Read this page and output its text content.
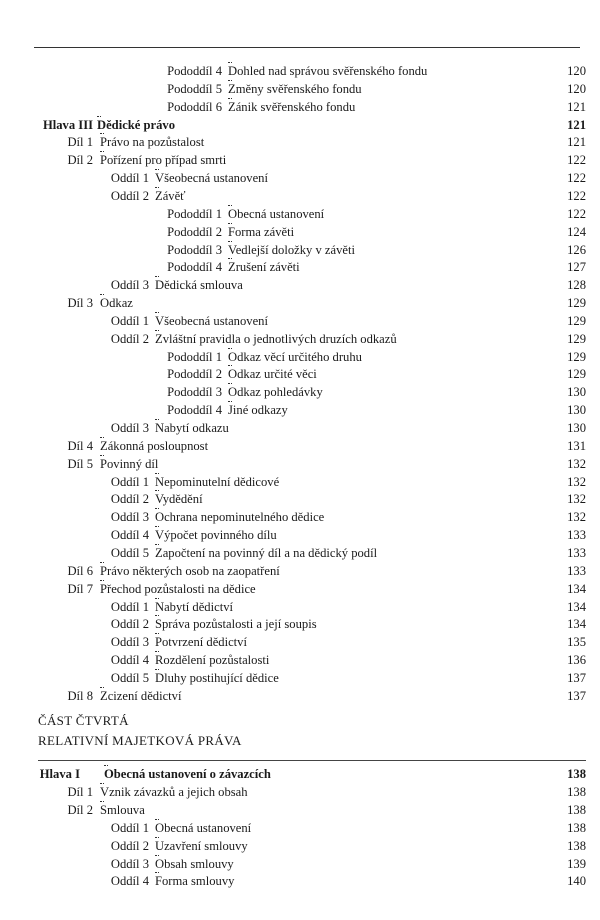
Pododdíl 4 Dohled nad správou svěřenského fondu	120
Pododdíl 5 Změny svěřenského fondu	120
Pododdíl 6 Zánik svěřenského fondu	121
Hlava III Dědické právo	121
Díl 1 Právo na pozůstalost	121
Díl 2 Pořízení pro případ smrti	122
Oddíl 1 Všeobecná ustanovení	122
Oddíl 2 Závěť	122
Pododdíl 1 Obecná ustanovení	122
Pododdíl 2 Forma závěti	124
Pododdíl 3 Vedlejší doložky v závěti	126
Pododdíl 4 Zrušení závěti	127
Oddíl 3 Dědická smlouva	128
Díl 3 Odkaz	129
Oddíl 1 Všeobecná ustanovení	129
Oddíl 2 Zvláštní pravidla o jednotlivých druzích odkazů	129
Pododdíl 1 Odkaz věcí určitého druhu	129
Pododdíl 2 Odkaz určité věci	129
Pododdíl 3 Odkaz pohledávky	130
Pododdíl 4 Jiné odkazy	130
Oddíl 3 Nabytí odkazu	130
Díl 4 Zákonná posloupnost	131
Díl 5 Povinný díl	132
Oddíl 1 Nepominutelní dědicové	132
Oddíl 2 Vydědění	132
Oddíl 3 Ochrana nepominutelného dědice	132
Oddíl 4 Výpočet povinného dílu	133
Oddíl 5 Započtení na povinný díl a na dědický podíl	133
Díl 6 Právo některých osob na zaopatření	133
Díl 7 Přechod pozůstalosti na dědice	134
Oddíl 1 Nabytí dědictví	134
Oddíl 2 Správa pozůstalosti a její soupis	134
Oddíl 3 Potvrzení dědictví	135
Oddíl 4 Rozdělení pozůstalosti	136
Oddíl 5 Dluhy postihující dědice	137
Díl 8 Zcizení dědictví	137
Hlava I Obecná ustanovení o závazcích	138
Díl 1 Vznik závazků a jejich obsah	138
Díl 2 Smlouva	138
Oddíl 1 Obecná ustanovení	138
Oddíl 2 Uzavření smlouvy	138
Oddíl 3 Obsah smlouvy	139
Oddíl 4 Forma smlouvy	140
ČÁST ČTVRTÁ
RELATIVNÍ MAJETKOVÁ PRÁVA
